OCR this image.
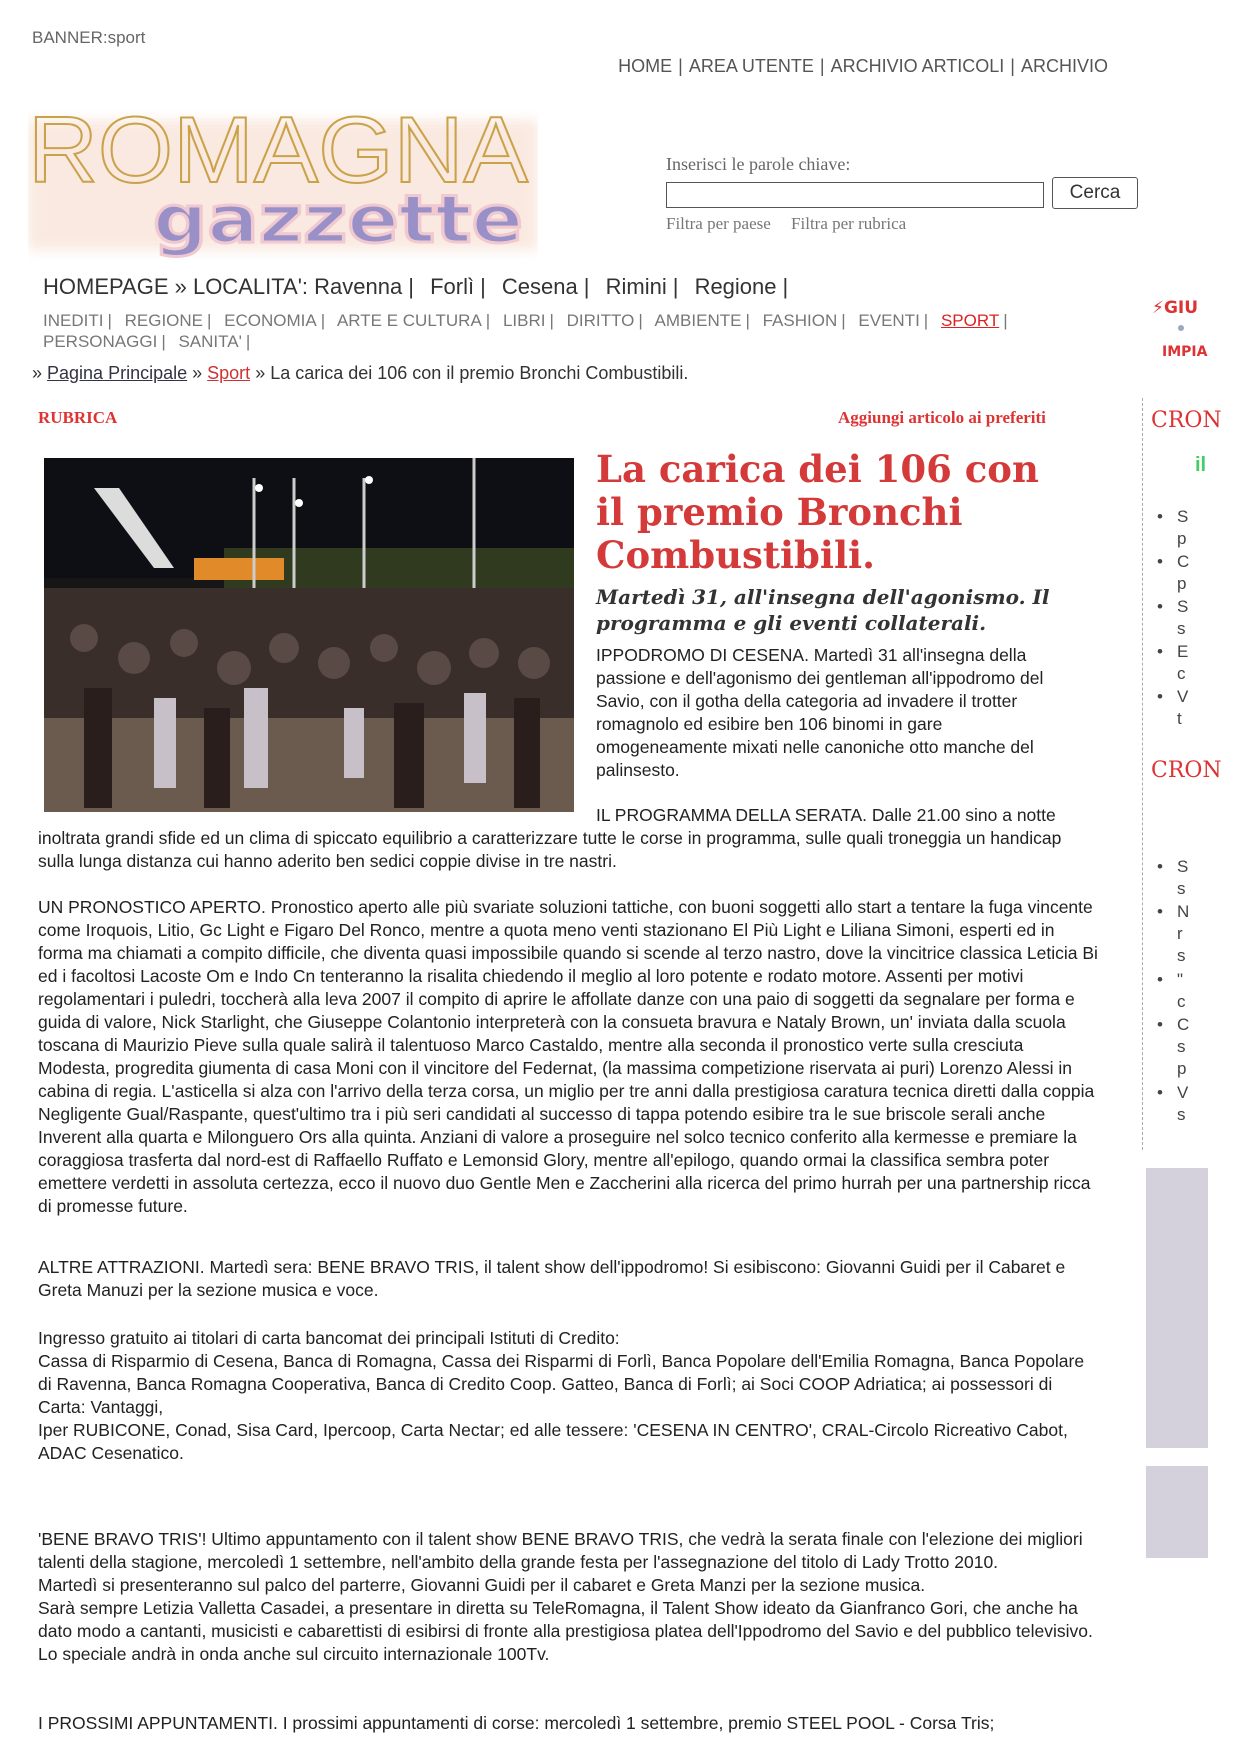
BANNER:sport
HOME | AREA UTENTE | ARCHIVIO ARTICOLI | ARCHIVIO
ROMAGNA
gazzette
Inserisci le parole chiave:
Cerca
Filtra per paese Filtra per rubrica
HOMEPAGE » LOCALITA': Ravenna | Forlì | Cesena | Rimini | Regione |
INEDITI | REGIONE | ECONOMIA | ARTE E CULTURA | LIBRI | DIRITTO | AMBIENTE | FASHION | EVENTI | SPORT |
PERSONAGGI | SANITA' |
» Pagina Principale » Sport » La carica dei 106 con il premio Bronchi Combustibili.
RUBRICA	Aggiungi articolo ai preferiti
La carica dei 106 con il premio Bronchi Combustibili.
Martedì 31, all'insegna dell'agonismo. Il programma e gli eventi collaterali.

IPPODROMO DI CESENA. Martedì 31 all'insegna della passione e dell'agonismo dei gentleman all'ippodromo del Savio, con il gotha della categoria ad invadere il trotter romagnolo ed esibire ben 106 binomi in gare omogeneamente mixati nelle canoniche otto manche del palinsesto.

IL PROGRAMMA DELLA SERATA. Dalle 21.00 sino a notte

inoltrata grandi sfide ed un clima di spiccato equilibrio a caratterizzare tutte le corse in programma, sulle quali troneggia un handicap sulla lunga distanza cui hanno aderito ben sedici coppie divise in tre nastri.

UN PRONOSTICO APERTO. Pronostico aperto alle più svariate soluzioni tattiche, con buoni soggetti allo start a tentare la fuga vincente come Iroquois, Litio, Gc Light e Figaro Del Ronco, mentre a quota meno venti stazionano El Più Light e Liliana Simoni, esperti ed in forma ma chiamati a compito difficile, che diventa quasi impossibile quando si scende al terzo nastro, dove la vincitrice classica Leticia Bi ed i facoltosi Lacoste Om e Indo Cn tenteranno la risalita chiedendo il meglio al loro potente e rodato motore. Assenti per motivi regolamentari i puledri, toccherà alla leva 2007 il compito di aprire le affollate danze con una paio di soggetti da segnalare per forma e guida di valore, Nick Starlight, che Giuseppe Colantonio interpreterà con la consueta bravura e Nataly Brown, un' inviata dalla scuola toscana di Maurizio Pieve sulla quale salirà il talentuoso Marco Castaldo, mentre alla seconda il pronostico verte sulla cresciuta Modesta, progredita giumenta di casa Moni con il vincitore del Federnat, (la massima competizione riservata ai puri) Lorenzo Alessi in cabina di regia. L'asticella si alza con l'arrivo della terza corsa, un miglio per tre anni dalla prestigiosa caratura tecnica diretti dalla coppia Negligente Gual/Raspante, quest'ultimo tra i più seri candidati al successo di tappa potendo esibire tra le sue briscole serali anche Inverent alla quarta e Milonguero Ors alla quinta. Anziani di valore a proseguire nel solco tecnico conferito alla kermesse e premiare la coraggiosa trasferta dal nord-est di Raffaello Ruffato e Lemonsid Glory, mentre all'epilogo, quando ormai la classifica sembra poter emettere verdetti in assoluta certezza, ecco il nuovo duo Gentle Men e Zaccherini alla ricerca del primo hurrah per una partnership ricca di promesse future.

ALTRE ATTRAZIONI. Martedì sera: BENE BRAVO TRIS, il talent show dell'ippodromo! Si esibiscono: Giovanni Guidi per il Cabaret e Greta Manuzi per la sezione musica e voce.

Ingresso gratuito ai titolari di carta bancomat dei principali Istituti di Credito:
Cassa di Risparmio di Cesena, Banca di Romagna, Cassa dei Risparmi di Forlì, Banca Popolare dell'Emilia Romagna, Banca Popolare di Ravenna, Banca Romagna Cooperativa, Banca di Credito Coop. Gatteo, Banca di Forlì; ai Soci COOP Adriatica; ai possessori di Carta: Vantaggi,
Iper RUBICONE, Conad, Sisa Card, Ipercoop, Carta Nectar; ed alle tessere: 'CESENA IN CENTRO', CRAL-Circolo Ricreativo Cabot,
ADAC Cesenatico.
'BENE BRAVO TRIS'! Ultimo appuntamento con il talent show BENE BRAVO TRIS, che vedrà la serata finale con l'elezione dei migliori talenti della stagione, mercoledì 1 settembre, nell'ambito della grande festa per l'assegnazione del titolo di Lady Trotto 2010.
Martedì si presenteranno sul palco del parterre, Giovanni Guidi per il cabaret e Greta Manzi per la sezione musica.
Sarà sempre Letizia Valletta Casadei, a presentare in diretta su TeleRomagna, il Talent Show ideato da Gianfranco Gori, che anche ha dato modo a cantanti, musicisti e cabarettisti di esibirsi di fronte alla prestigiosa platea dell'Ippodromo del Savio e del pubblico televisivo. Lo speciale andrà in onda anche sul circuito internazionale 100Tv.

I PROSSIMI APPUNTAMENTI. I prossimi appuntamenti di corse: mercoledì 1 settembre, premio STEEL POOL - Corsa Tris;

⚡GIU
IMPIA
CRON
il
• S
p
• C
p
• S
s
• E
c
• V
t
CRON
• S
s
• N
r
s
• "
c
• C
s
p
• V
s
